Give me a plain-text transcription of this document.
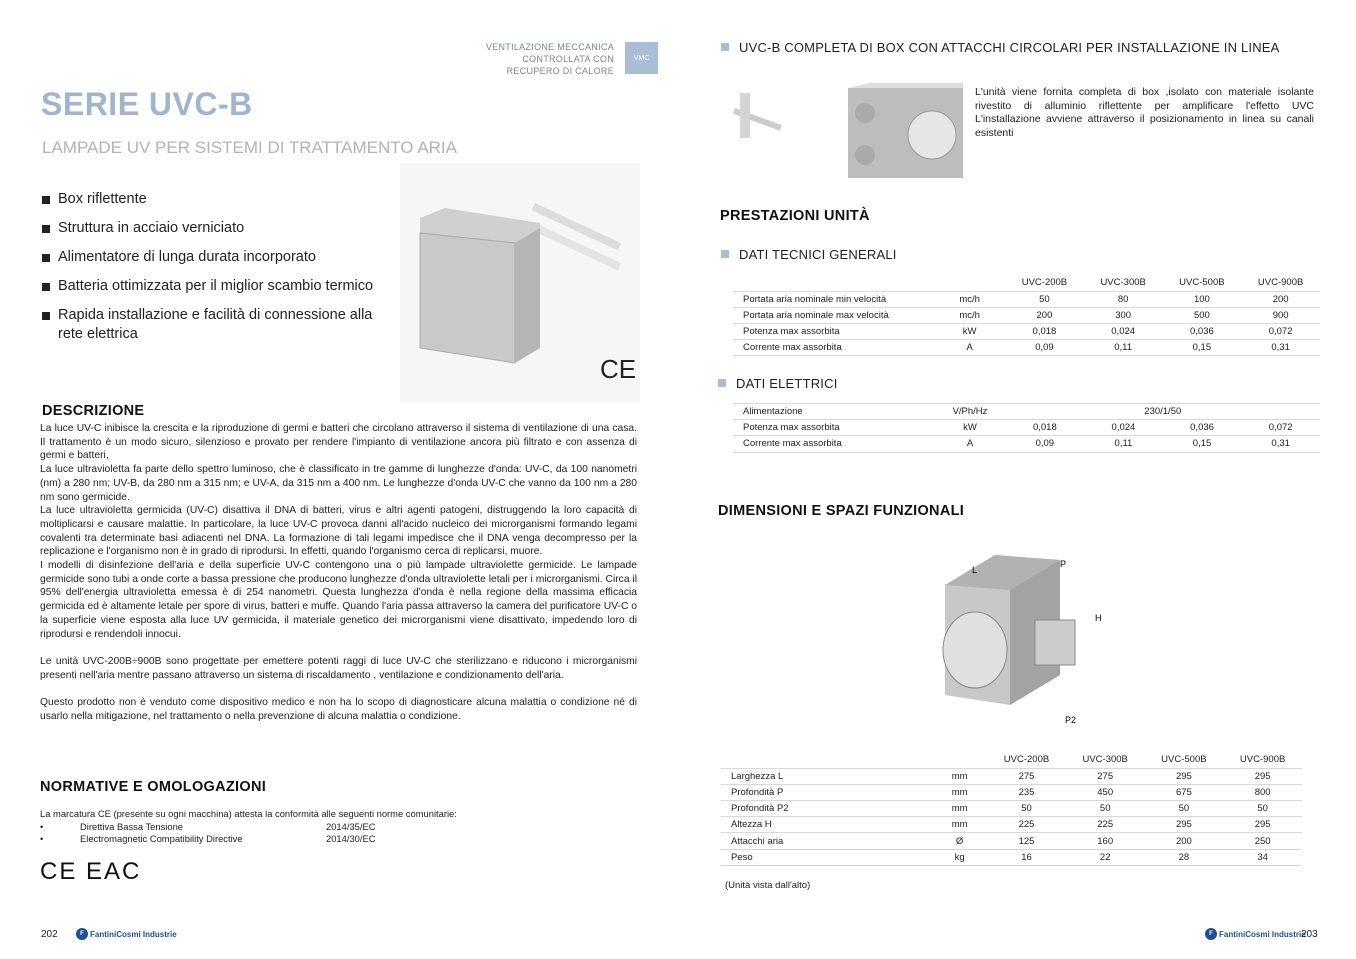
VENTILAZIONE MECCANICA
CONTROLLATA CON
RECUPERO DI CALORE
VMC
SERIE UVC-B
LAMPADE UV PER SISTEMI DI TRATTAMENTO ARIA
Box riflettente
Struttura in acciaio verniciato
Alimentatore di lunga durata incorporato
Batteria ottimizzata per il miglior scambio termico
Rapida installazione e facilità di connessione alla rete elettrica
CE
DESCRIZIONE

La luce UV-C inibisce la crescita e la riproduzione di germi e batteri che circolano attraverso il sistema di ventilazione di una casa. Il trattamento è un modo sicuro, silenzioso e provato per rendere l'impianto di ventilazione ancora più filtrato e con assenza di germi e batteri,

La luce ultravioletta fa parte dello spettro luminoso, che è classificato in tre gamme di lunghezze d'onda: UV-C, da 100 nanometri (nm) a 280 nm; UV-B, da 280 nm a 315 nm; e UV-A, da 315 nm a 400 nm. Le lunghezze d'onda UV-C che vanno da 100 nm a 280 nm sono germicide.

La luce ultravioletta germicida (UV-C) disattiva il DNA di batteri, virus e altri agenti patogeni, distruggendo la loro capacità di moltiplicarsi e causare malattie. In particolare, la luce UV-C provoca danni all'acido nucleico dei microrganismi formando legami covalenti tra determinate basi adiacenti nel DNA. La formazione di tali legami impedisce che il DNA venga decompresso per la replicazione e l'organismo non è in grado di riprodursi. In effetti, quando l'organismo cerca di replicarsi, muore.

I modelli di disinfezione dell'aria e della superficie UV-C contengono una o più lampade ultraviolette germicide. Le lampade germicide sono tubi a onde corte a bassa pressione che producono lunghezze d'onda ultraviolette letali per i microrganismi. Circa il 95% dell'energia ultravioletta emessa è di 254 nanometri. Questa lunghezza d'onda è nella regione della massima efficacia germicida ed è altamente letale per spore di virus, batteri e muffe. Quando l'aria passa attraverso la camera del purificatore UV-C o la superficie viene esposta alla luce UV germicida, il materiale genetico dei microrganismi viene disattivato, impedendo loro di riprodursi e rendendoli innocui.

Le unità UVC-200B÷900B sono progettate per emettere potenti raggi di luce UV-C che sterilizzano e riducono i microrganismi presenti nell'aria mentre passano attraverso un sistema di riscaldamento , ventilazione e condizionamento dell'aria.

Questo prodotto non è venduto come dispositivo medico e non ha lo scopo di diagnosticare alcuna malattia o condizione né di usarlo nella mitigazione, nel trattamento o nella prevenzione di alcuna malattia o condizione.

NORMATIVE E OMOLOGAZIONI
La marcatura CE (presente su ogni macchina) attesta la conformità alle seguenti norme comunitarie:
•	Direttiva Bassa Tensione	2014/35/EC
•	Electromagnetic Compatibility Directive	2014/30/EC
CE EAC
202	F FantiniCosmi Industrie
UVC-B COMPLETA DI BOX CON ATTACCHI CIRCOLARI PER INSTALLAZIONE IN LINEA
L'unità viene fornita completa di box ,isolato con materiale isolante rivestito di alluminio riflettente per amplificare l'effetto UVC L'installazione avviene attraverso il posizionamento in linea su canali esistenti
PRESTAZIONI UNITÀ
DATI TECNICI GENERALI
		UVC-200B	UVC-300B	UVC-500B	UVC-900B
Portata aria nominale min velocità	mc/h	50	80	100	200
Portata aria nominale max velocità	mc/h	200	300	500	900
Potenza max assorbita	kW	0,018	0,024	0,036	0,072
Corrente max assorbita	A	0,09	0,11	0,15	0,31
DATI ELETTRICI
Alimentazione	V/Ph/Hz	230/1/50			
Potenza max assorbita	kW	0,018	0,024	0,036	0,072
Corrente max assorbita	A	0,09	0,11	0,15	0,31
DIMENSIONI E SPAZI FUNZIONALI
L
P
H
P2
		UVC-200B	UVC-300B	UVC-500B	UVC-900B
Larghezza L	mm	275	275	295	295
Profondità P	mm	235	450	675	800
Profondità P2	mm	50	50	50	50
Altezza H	mm	225	225	295	295
Attacchi aria	Ø	125	160	200	250
Peso	kg	16	22	28	34
(Unità vista dall'alto)
F FantiniCosmi Industrie
203
